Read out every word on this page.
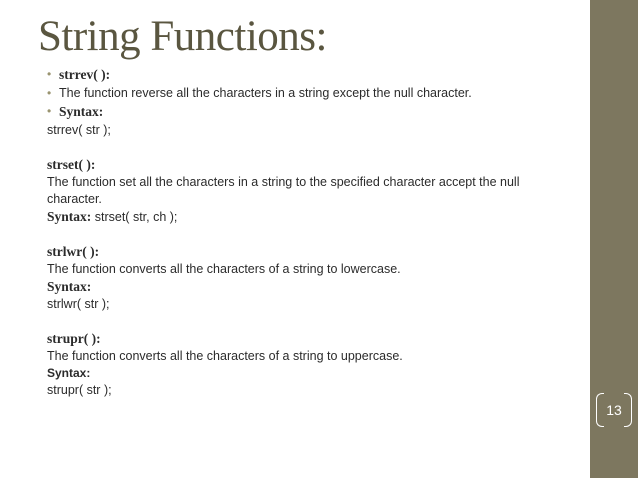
13
String Functions:
• strrev( ):
• The function reverse all the characters in a string except the null character.
• Syntax:

strrev( str );

strset( ):

The function set all the characters in a string to the specified character accept the null character.

Syntax: strset( str, ch );

strlwr( ):

The function converts all the characters of a string to lowercase.

Syntax:

strlwr( str );

strupr( ):

The function converts all the characters of a string to uppercase.

Syntax:

strupr( str );
